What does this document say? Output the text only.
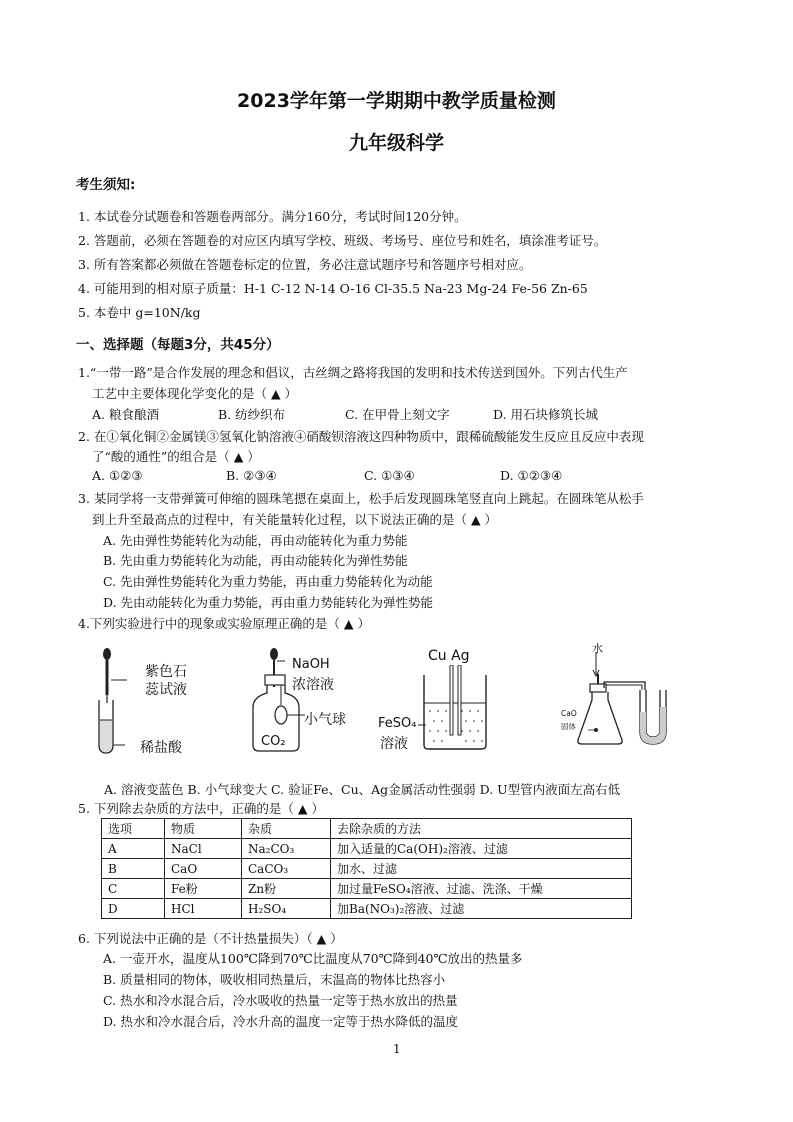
2023学年第一学期期中教学质量检测
九年级科学
考生须知:
1. 本试卷分试题卷和答题卷两部分。满分160分，考试时间120分钟。
2. 答题前，必须在答题卷的对应区内填写学校、班级、考场号、座位号和姓名，填涂准考证号。
3. 所有答案都必须做在答题卷标定的位置，务必注意试题序号和答题序号相对应。
4. 可能用到的相对原子质量：H-1 C-12 N-14 O-16 Cl-35.5 Na-23 Mg-24 Fe-56 Zn-65
5. 本卷中 g=10N/kg
一、选择题（每题3分，共45分）
1.“一带一路”是合作发展的理念和倡议，古丝绸之路将我国的发明和技术传送到国外。下列古代生产
工艺中主要体现化学变化的是（ ▲ ）
A. 粮食酿酒	B. 纺纱织布	C. 在甲骨上刻文字	D. 用石块修筑长城
2. 在①氧化铜②金属镁③氢氧化钠溶液④硝酸钡溶液这四种物质中，跟稀硫酸能发生反应且反应中表现
了“酸的通性”的组合是（ ▲ ）
A. ①②③	B. ②③④	C. ①③④	D. ①②③④
3. 某同学将一支带弹簧可伸缩的圆珠笔摁在桌面上，松手后发现圆珠笔竖直向上跳起。在圆珠笔从松手
到上升至最高点的过程中，有关能量转化过程，以下说法正确的是（ ▲ ）
A. 先由弹性势能转化为动能，再由动能转化为重力势能
B. 先由重力势能转化为动能，再由动能转化为弹性势能
C. 先由弹性势能转化为重力势能，再由重力势能转化为动能
D. 先由动能转化为重力势能，再由重力势能转化为弹性势能
4.下列实验进行中的现象或实验原理正确的是（ ▲ ）
紫色石
蕊试液
稀盐酸
NaOH
浓溶液
小气球
CO₂
Cu Ag
FeSO₄
溶液
水
CaO
固体
A. 溶液变蓝色 B. 小气球变大 C. 验证Fe、Cu、Ag金属活动性强弱 D. U型管内液面左高右低
5. 下列除去杂质的方法中，正确的是（ ▲ ）
选项	物质	杂质	去除杂质的方法
A	NaCl	Na₂CO₃	加入适量的Ca(OH)₂溶液、过滤
B	CaO	CaCO₃	加水、过滤
C	Fe粉	Zn粉	加过量FeSO₄溶液、过滤、洗涤、干燥
D	HCl	H₂SO₄	加Ba(NO₃)₂溶液、过滤
6. 下列说法中正确的是（不计热量损失）（ ▲ ）
A. 一壶开水，温度从100℃降到70℃比温度从70℃降到40℃放出的热量多
B. 质量相同的物体，吸收相同热量后，末温高的物体比热容小
C. 热水和冷水混合后，冷水吸收的热量一定等于热水放出的热量
D. 热水和冷水混合后，冷水升高的温度一定等于热水降低的温度
1
